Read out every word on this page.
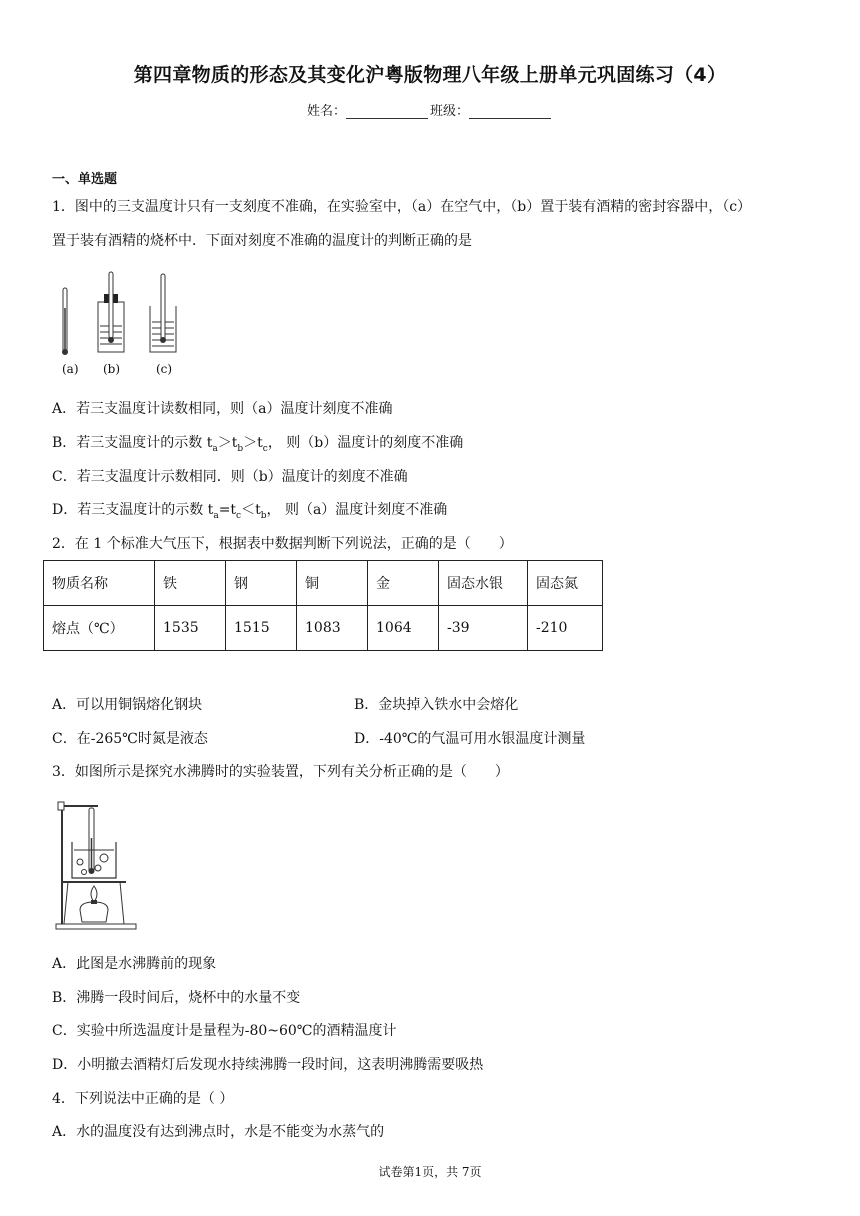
第四章物质的形态及其变化沪粤版物理八年级上册单元巩固练习（4）
姓名：	班级：
一、单选题
1．图中的三支温度计只有一支刻度不准确，在实验室中，（a）在空气中，（b）置于装有酒精的密封容器中，（c）
置于装有酒精的烧杯中．下面对刻度不准确的温度计的判断正确的是
(a) (b)	(c)
A．若三支温度计读数相同，则（a）温度计刻度不准确
B．若三支温度计的示数 $t_a>t_b>t_c$， 则（b）温度计的刻度不准确
C．若三支温度计示数相同．则（b）温度计的刻度不准确
D．若三支温度计的示数 $t_a=t_c<t_b$， 则（a）温度计刻度不准确
2．在 1 个标准大气压下，根据表中数据判断下列说法，正确的是（　　）
物质名称	铁	钢	铜	金	固态水银	固态氮
熔点（℃）	1535	1515	1083	1064	-39	-210
A．可以用铜锅熔化钢块	B．金块掉入铁水中会熔化
C．在-265℃时氮是液态	D．-40℃的气温可用水银温度计测量
3．如图所示是探究水沸腾时的实验装置，下列有关分析正确的是（　　）
A．此图是水沸腾前的现象
B．沸腾一段时间后，烧杯中的水量不变
C．实验中所选温度计是量程为-80~60℃的酒精温度计
D．小明撤去酒精灯后发现水持续沸腾一段时间，这表明沸腾需要吸热
4．下列说法中正确的是（ ）
A．水的温度没有达到沸点时，水是不能变为水蒸气的
试卷第1页，共 7页
